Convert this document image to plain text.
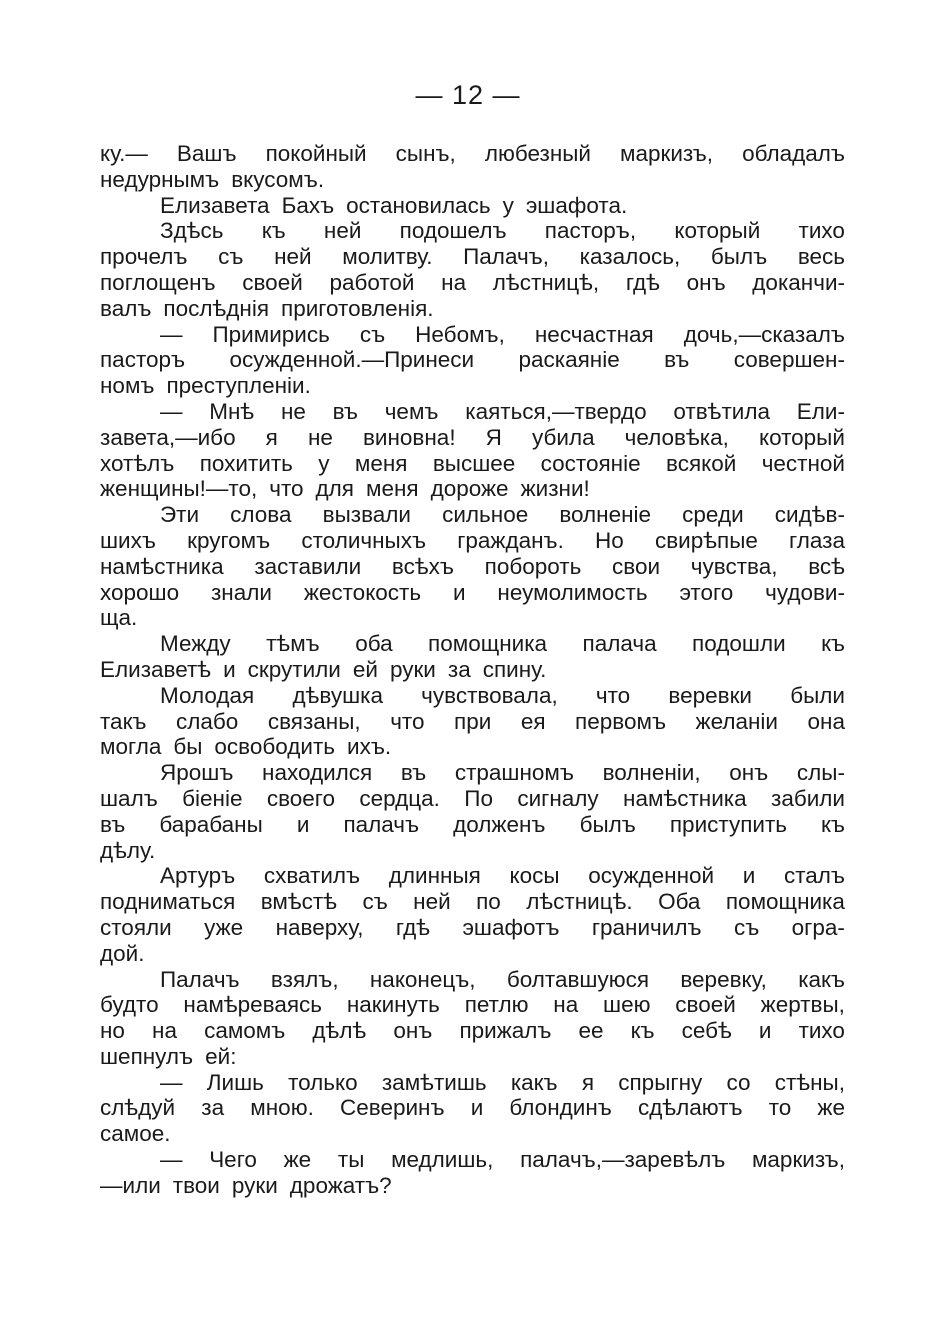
— 12 —
ку.— Вашъ покойный сынъ, любезный маркизъ, обладалъ
недурнымъ вкусомъ.
Елизавета Бахъ остановилась у эшафота.
Здѣсь къ ней подошелъ пасторъ, который тихо
прочелъ съ ней молитву. Палачъ, казалось, былъ весь
поглощенъ своей работой на лѣстницѣ, гдѣ онъ доканчи-
валъ послѣднія приготовленія.
— Примирись съ Небомъ, несчастная дочь,—сказалъ
пасторъ осужденной.—Принеси раскаяніе въ совершен-
номъ преступленіи.
— Мнѣ не въ чемъ каяться,—твердо отвѣтила Ели-
завета,—ибо я не виновна! Я убила человѣка, который
хотѣлъ похитить у меня высшее состояніе всякой честной
женщины!—то, что для меня дороже жизни!
Эти слова вызвали сильное волненіе среди сидѣв-
шихъ кругомъ столичныхъ гражданъ. Но свирѣпые глаза
намѣстника заставили всѣхъ побороть свои чувства, всѣ
хорошо знали жестокость и неумолимость этого чудови-
ща.
Между тѣмъ оба помощника палача подошли къ
Елизаветѣ и скрутили ей руки за спину.
Молодая дѣвушка чувствовала, что веревки были
такъ слабо связаны, что при ея первомъ желаніи она
могла бы освободить ихъ.
Ярошъ находился въ страшномъ волненіи, онъ слы-
шалъ біеніе своего сердца. По сигналу намѣстника забили
въ барабаны и палачъ долженъ былъ приступить къ
дѣлу.
Артуръ схватилъ длинныя косы осужденной и сталъ
подниматься вмѣстѣ съ ней по лѣстницѣ. Оба помощника
стояли уже наверху, гдѣ эшафотъ граничилъ съ огра-
дой.
Палачъ взялъ, наконецъ, болтавшуюся веревку, какъ
будто намѣреваясь накинуть петлю на шею своей жертвы,
но на самомъ дѣлѣ онъ прижалъ ее къ себѣ и тихо
шепнулъ ей:
— Лишь только замѣтишь какъ я спрыгну со стѣны,
слѣдуй за мною. Северинъ и блондинъ сдѣлаютъ то же
самое.
— Чего же ты медлишь, палачъ,—заревѣлъ маркизъ,
—или твои руки дрожатъ?
